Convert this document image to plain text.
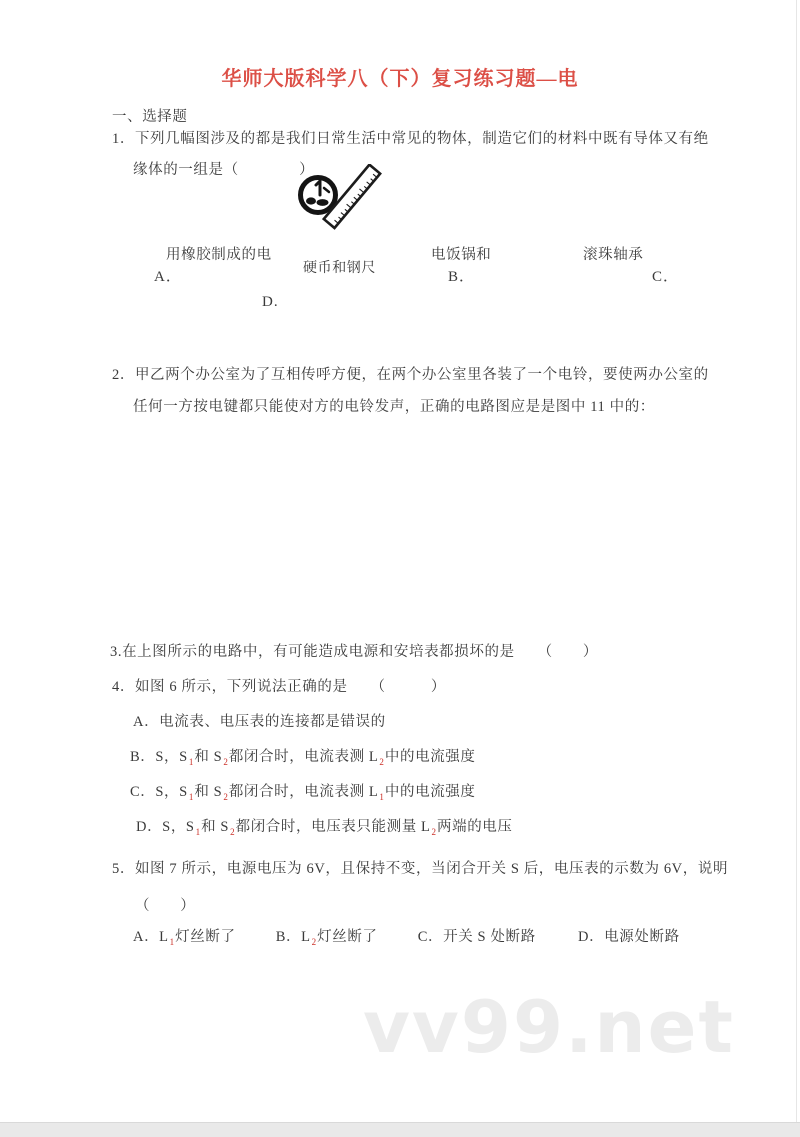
华师大版科学八（下）复习练习题—电
一、选择题
1．下列几幅图涉及的都是我们日常生活中常见的物体，制造它们的材料中既有导体又有绝
缘体的一组是（　　　　）
用橡胶制成的电
A．
硬币和钢尺
电饭锅和
B．
滚珠轴承
C．
D.
2．甲乙两个办公室为了互相传呼方便，在两个办公室里各装了一个电铃，要使两办公室的
任何一方按电键都只能使对方的电铃发声，正确的电路图应是是图中 11 中的：
3.在上图所示的电路中，有可能造成电源和安培表都损坏的是　　（　　）
4．如图 6 所示，下列说法正确的是　　（　　　）
A．电流表、电压表的连接都是错误的
B．S，$S_1$和 $S_2$都闭合时，电流表测 $L_2$中的电流强度
C．S，$S_1$和 $S_2$都闭合时，电流表测 $L_1$中的电流强度
D．S，$S_1$和 $S_2$都闭合时，电压表只能测量 $L_2$两端的电压
5．如图 7 所示，电源电压为 6V，且保持不变，当闭合开关 S 后，电压表的示数为 6V，说明
（　　）
A．$L_1$灯丝断了	B．$L_2$灯丝断了	C．开关 S 处断路	D．电源处断路
vv99.net
